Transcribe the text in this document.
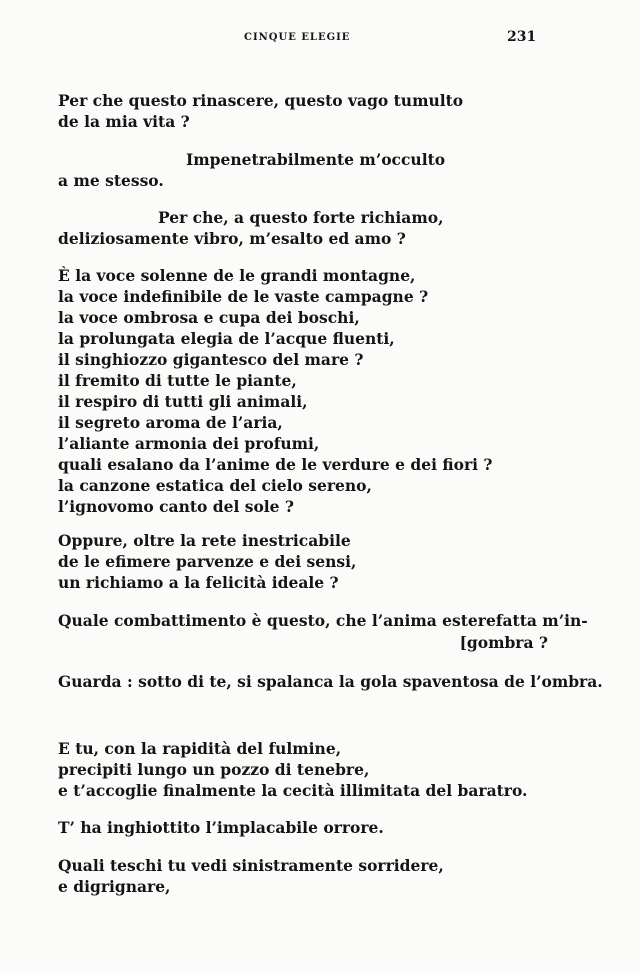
CINQUE ELEGIE	231
Per che questo rinascere, questo vago tumulto
de la mia vita ?
Impenetrabilmente m’occulto
a me stesso.
Per che, a questo forte richiamo,
deliziosamente vibro, m’esalto ed amo ?
È la voce solenne de le grandi montagne,
la voce indefinibile de le vaste campagne ?
la voce ombrosa e cupa dei boschi,
la prolungata elegia de l’acque fluenti,
il singhiozzo gigantesco del mare ?
il fremito di tutte le piante,
il respiro di tutti gli animali,
il segreto aroma de l’aria,
l’aliante armonia dei profumi,
quali esalano da l’anime de le verdure e dei fiori ?
la canzone estatica del cielo sereno,
l’ignovomo canto del sole ?
Oppure, oltre la rete inestricabile
de le efimere parvenze e dei sensi,
un richiamo a la felicità ideale ?
Quale combattimento è questo, che l’anima esterefatta m’in-
[gombra ?
Guarda : sotto di te, si spalanca la gola spaventosa de l’ombra.
E tu, con la rapidità del fulmine,
precipiti lungo un pozzo di tenebre,
e t’accoglie finalmente la cecità illimitata del baratro.
T’ ha inghiottito l’implacabile orrore.
Quali teschi tu vedi sinistramente sorridere,
e digrignare,
